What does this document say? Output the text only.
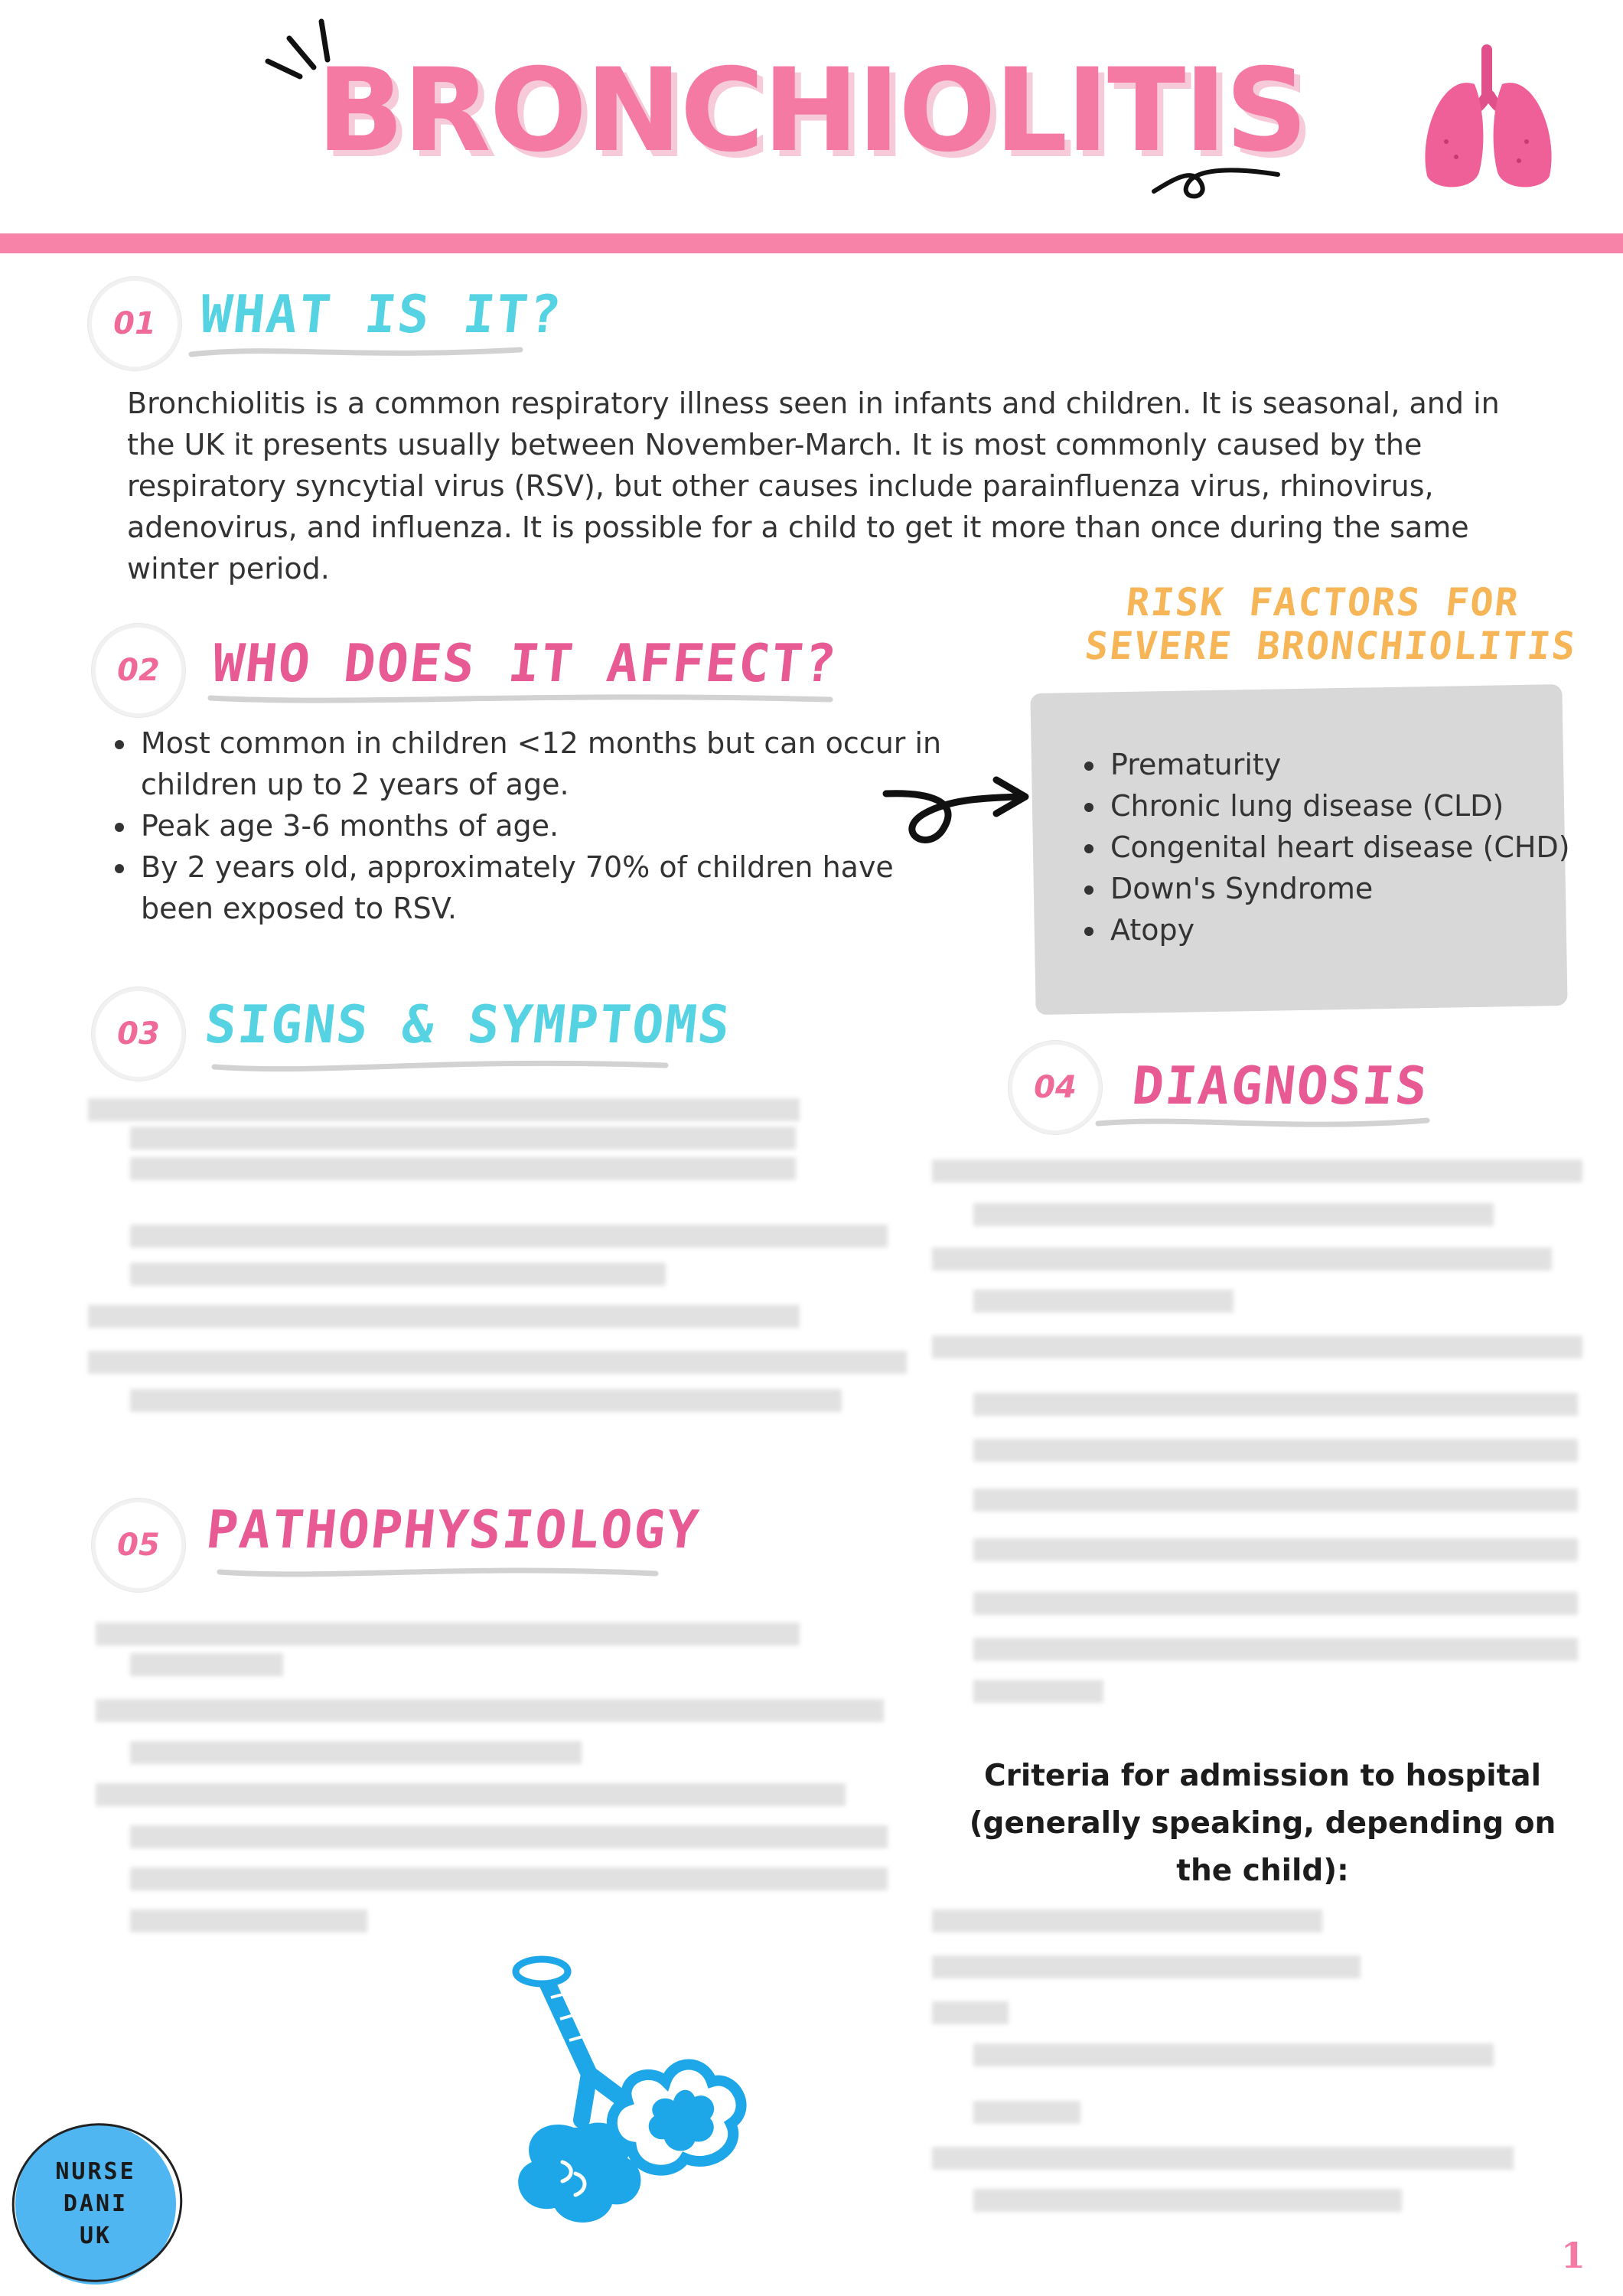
BRONCHIOLITIS
01 WHAT IS IT?
Bronchiolitis is a common respiratory illness seen in infants and children. It is seasonal, and in the UK it presents usually between November-March. It is most commonly caused by the respiratory syncytial virus (RSV), but other causes include parainfluenza virus, rhinovirus, adenovirus, and influenza. It is possible for a child to get it more than once during the same winter period.
02 WHO DOES IT AFFECT?
• Most common in children <12 months but can occur in children up to 2 years of age.
• Peak age 3-6 months of age.
• By 2 years old, approximately 70% of children have been exposed to RSV.
RISK FACTORS FOR
SEVERE BRONCHIOLITIS
• Prematurity
• Chronic lung disease (CLD)
• Congenital heart disease (CHD)
• Down's Syndrome
• Atopy
03 SIGNS & SYMPTOMS
04	DIAGNOSIS
05 PATHOPHYSIOLOGY
Criteria for admission to hospital (generally speaking, depending on the child):
NURSE
DANI
UK	1
